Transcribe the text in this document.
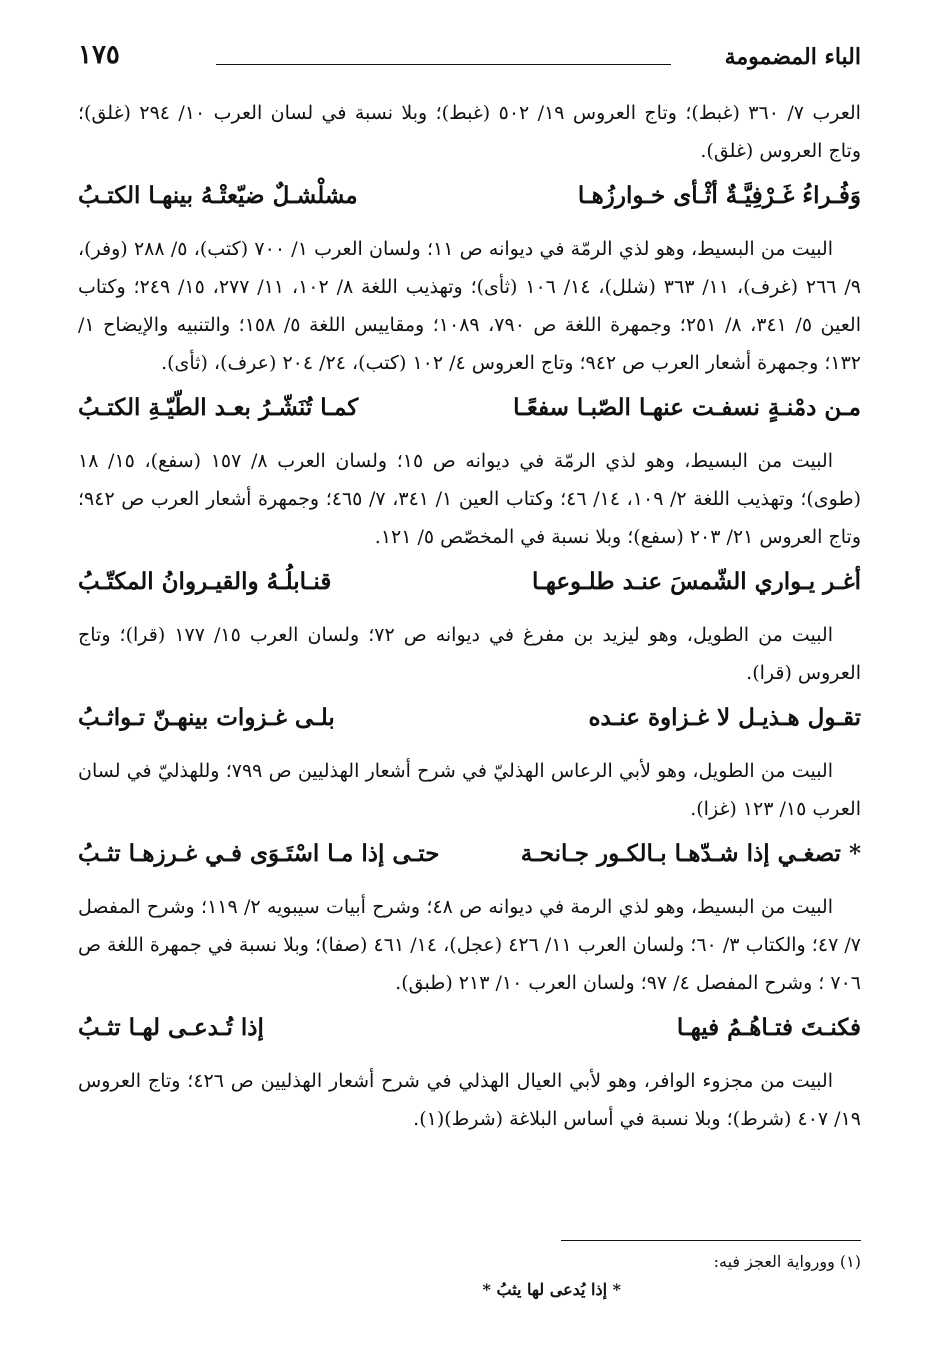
الباء المضمومة
١٧٥

العرب ٧/ ٣٦٠ (غبط)؛ وتاج العروس ١٩/ ٥٠٢ (غبط)؛ وبلا نسبة في لسان العرب ١٠/ ٢٩٤ (غلق)؛ وتاج العروس (غلق).

وَفُـراءُ غَـرْفِيَّـةٌ أثْـأى خـوارزُهـا
مشلْشـلٌ ضيّعتْـهُ بينهـا الكتـبُ

البيت من البسيط، وهو لذي الرمّة في ديوانه ص ١١؛ ولسان العرب ١/ ٧٠٠ (كتب)، ٥/ ٢٨٨ (وفر)، ٩/ ٢٦٦ (غرف)، ١١/ ٣٦٣ (شلل)، ١٤/ ١٠٦ (ثأى)؛ وتهذيب اللغة ٨/ ١٠٢، ١١/ ٢٧٧، ١٥/ ٢٤٩؛ وكتاب العين ٥/ ٣٤١، ٨/ ٢٥١؛ وجمهرة اللغة ص ٧٩٠، ١٠٨٩؛ ومقاييس اللغة ٥/ ١٥٨؛ والتنبيه والإيضاح ١/ ١٣٢؛ وجمهرة أشعار العرب ص ٩٤٢؛ وتاج العروس ٤/ ١٠٢ (كتب)، ٢٤/ ٢٠٤ (عرف)، (ثأى).

مـن دمْنـةٍ نسفـت عنهـا الصّبـا سفعًـا
كمـا تُنَشّـرُ بعـد الطّيّـةِ الكتـبُ

البيت من البسيط، وهو لذي الرمّة في ديوانه ص ١٥؛ ولسان العرب ٨/ ١٥٧ (سفع)، ١٥/ ١٨ (طوى)؛ وتهذيب اللغة ٢/ ١٠٩، ١٤/ ٤٦؛ وكتاب العين ١/ ٣٤١، ٧/ ٤٦٥؛ وجمهرة أشعار العرب ص ٩٤٢؛ وتاج العروس ٢١/ ٢٠٣ (سفع)؛ وبلا نسبة في المخصّص ٥/ ١٢١.

أغـر يـواري الشّمسَ عنـد طلـوعهـا
قنـابلُـهُ والقيـروانُ المكتّـبُ

البيت من الطويل، وهو ليزيد بن مفرغ في ديوانه ص ٧٢؛ ولسان العرب ١٥/ ١٧٧ (قرا)؛ وتاج العروس (قرا).

تقـول هـذيـل لا غـزاوة عنـده
بلـى غـزوات بينهـنّ تـواثـبُ

البيت من الطويل، وهو لأبي الرعاس الهذليّ في شرح أشعار الهذليين ص ٧٩٩؛ وللهذليّ في لسان العرب ١٥/ ١٢٣ (غزا).

* تصغـي إذا شـدّهـا بـالكـور جـانحـة
حتـى إذا مـا اسْتَـوَى فـي غـرزهـا تثـبُ

البيت من البسيط، وهو لذي الرمة في ديوانه ص ٤٨؛ وشرح أبيات سيبويه ٢/ ١١٩؛ وشرح المفصل ٧/ ٤٧؛ والكتاب ٣/ ٦٠؛ ولسان العرب ١١/ ٤٢٦ (عجل)، ١٤/ ٤٦١ (صفا)؛ وبلا نسبة في جمهرة اللغة ص ٧٠٦ ؛ وشرح المفصل ٤/ ٩٧؛ ولسان العرب ١٠/ ٢١٣ (طبق).

فكنـتَ فتـاهُـمُ فيهـا
إذا تُـدعـى لهـا تثـبُ

البيت من مجزوء الوافر، وهو لأبي العيال الهذلي في شرح أشعار الهذليين ص ٤٢٦؛ وتاج العروس ١٩/ ٤٠٧ (شرط)؛ وبلا نسبة في أساس البلاغة (شرط)(١).

(١) وورواية العجز فيه:
* إذا يُدعى لها يثبُ *
